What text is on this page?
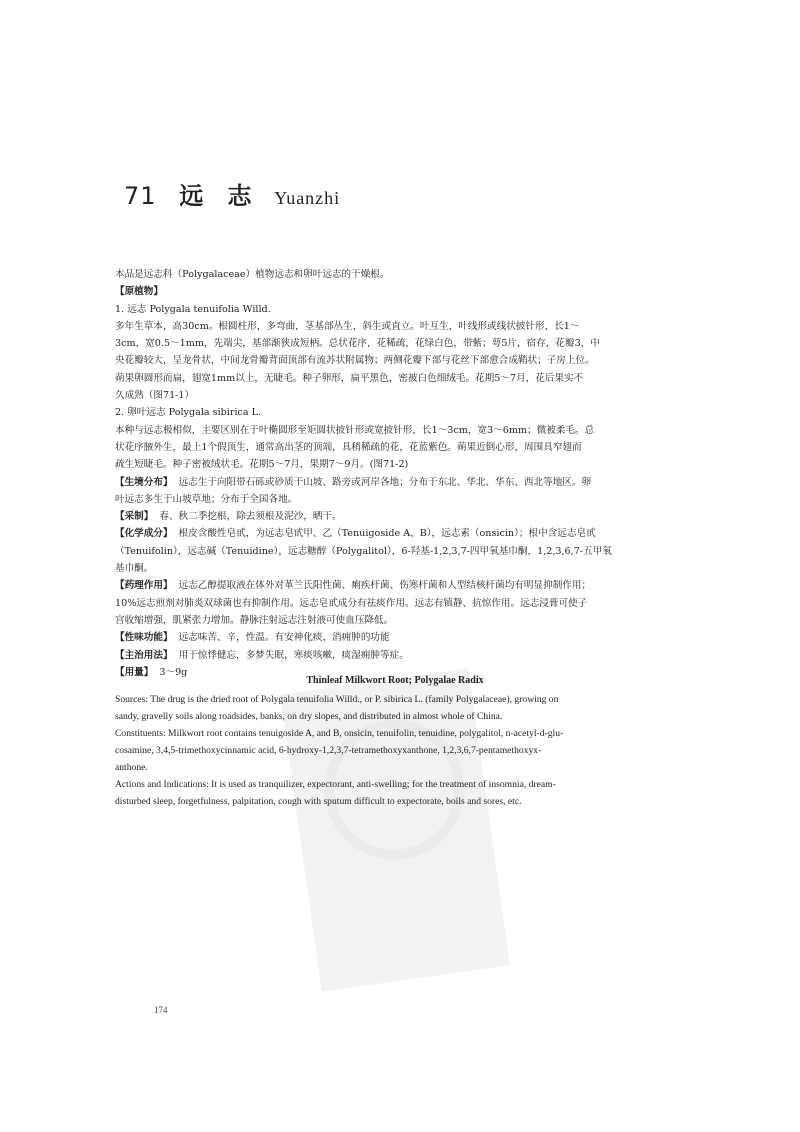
71 远 志 Yuanzhi
本品是远志科（Polygalaceae）植物远志和卵叶远志的干燥根。
【原植物】
1. 远志 Polygala tenuifolia Willd.
多年生草本，高30cm。根圆柱形，多弯曲，茎基部丛生，斜生或直立。叶互生，叶线形或线状披针形，长1～
3cm，宽0.5～1mm，先端尖，基部渐狭成短柄。总状花序，花稀疏，花绿白色，带紫；萼5片，宿存，花瓣3，中
央花瓣较大，呈龙骨状，中间龙骨瓣背面顶部有流苏状附属物；两侧花瓣下部与花丝下部愈合成鞘状；子房上位。
蒴果卵圆形而扁，翅宽1mm以上，无睫毛。种子卵形，扁平黑色，密被白色细绒毛。花期5～7月，花后果实不
久成熟（图71-1）
2. 卵叶远志 Polygala sibirica L.
本种与远志极相似，主要区别在于叶椭圆形至矩圆状披针形或宽披针形，长1～3cm，宽3～6mm；微被柔毛。总
状花序腋外生，最上1个假顶生，通常高出茎的顶端，具稍稀疏的花，花蓝紫色。蒴果近倒心形，周围具窄翅而
疏生短睫毛。种子密被绒状毛。花期5～7月，果期7～9月。(图71-2)
【生境分布】 远志生于向阳带石砾或砂质干山坡、路旁或河岸各地；分布于东北、华北、华东、西北等地区。卵
叶远志多生于山坡草地；分布于全国各地。
【采制】 春、秋二季挖根，除去须根及泥沙，晒干。
【化学成分】 根皮含酸性皂甙，为远志皂甙甲、乙（Tenuigoside A、B），远志素（onsicin）；根中含远志皂甙
（Tenuifolin），远志碱（Tenuidine），远志糖醇（Polygalitol），6-羟基-1,2,3,7-四甲氧基巾酮，1,2,3,6,7-五甲氧
基巾酮。
【药理作用】 远志乙醇提取液在体外对革兰氏阳性菌、痢疾杆菌、伤寒杆菌和人型结核杆菌均有明显抑制作用；
10%远志煎剂对肺炎双球菌也有抑制作用。远志皂甙成分有祛痰作用。远志有镇静、抗惊作用。远志浸膏可使子
宫收缩增强，肌紧张力增加。静脉注射远志注射液可使血压降低。
【性味功能】 远志味苦、辛，性温。有安神化痰，消痈肿的功能
【主治用法】 用于惊悸健忘，多梦失眠，寒痰咳嗽，痰湿痈肿等症。
【用量】 3～9g
Thinleaf Milkwort Root; Polygalae Radix
Sources: The drug is the dried root of Polygala tenuifolia Willd., or P. sibirica L. (family Polygalaceae), growing on
sandy, gravelly soils along roadsides, banks, on dry slopes, and distributed in almost whole of China.
Constituents: Milkwort root contains tenuigoside A, and B, onsicin, tenuifolin, tenuidine, polygalitol, n-acetyl-d-glu-
cosamine, 3,4,5-trimethoxycinnamic acid, 6-hydroxy-1,2,3,7-tetramethoxyxanthone, 1,2,3,6,7-pentamethoxyx-
anthone.
Actions and Indications: It is used as tranquilizer, expectorant, anti-swelling; for the treatment of insomnia, dream-
disturbed sleep, forgetfulness, palpitation, cough with sputum difficult to expectorate, boils and sores, etc.
174
